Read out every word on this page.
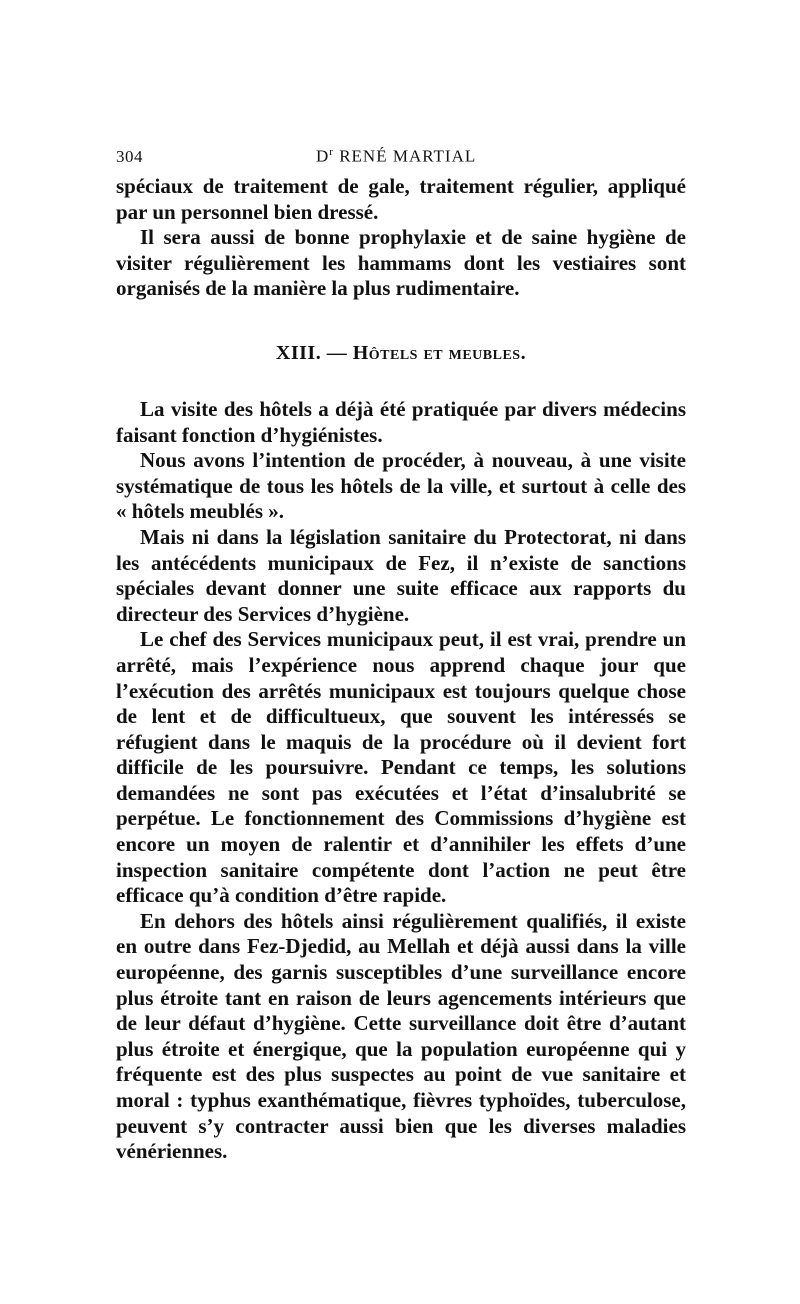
304	$D^r$ RENÉ MARTIAL

spéciaux de traitement de gale, traitement régulier, appliqué par un personnel bien dressé.

Il sera aussi de bonne prophylaxie et de saine hygiène de visiter régulièrement les hammams dont les vestiaires sont organisés de la manière la plus rudimentaire.

XIII. — Hôtels et meubles.

La visite des hôtels a déjà été pratiquée par divers médecins faisant fonction d’hygiénistes.

Nous avons l’intention de procéder, à nouveau, à une visite systématique de tous les hôtels de la ville, et surtout à celle des « hôtels meublés ».

Mais ni dans la législation sanitaire du Protectorat, ni dans les antécédents municipaux de Fez, il n’existe de sanctions spéciales devant donner une suite efficace aux rapports du directeur des Services d’hygiène.

Le chef des Services municipaux peut, il est vrai, prendre un arrêté, mais l’expérience nous apprend chaque jour que l’exécution des arrêtés municipaux est toujours quelque chose de lent et de difficultueux, que souvent les intéressés se réfugient dans le maquis de la procédure où il devient fort difficile de les poursuivre. Pendant ce temps, les solutions demandées ne sont pas exécutées et l’état d’insalubrité se perpétue. Le fonctionnement des Commissions d’hygiène est encore un moyen de ralentir et d’annihiler les effets d’une inspection sanitaire compétente dont l’action ne peut être efficace qu’à condition d’être rapide.

En dehors des hôtels ainsi régulièrement qualifiés, il existe en outre dans Fez-Djedid, au Mellah et déjà aussi dans la ville européenne, des garnis susceptibles d’une surveillance encore plus étroite tant en raison de leurs agencements intérieurs que de leur défaut d’hygiène. Cette surveillance doit être d’autant plus étroite et énergique, que la population européenne qui y fréquente est des plus suspectes au point de vue sanitaire et moral : typhus exanthématique, fièvres typhoïdes, tuberculose, peuvent s’y contracter aussi bien que les diverses maladies vénériennes.
